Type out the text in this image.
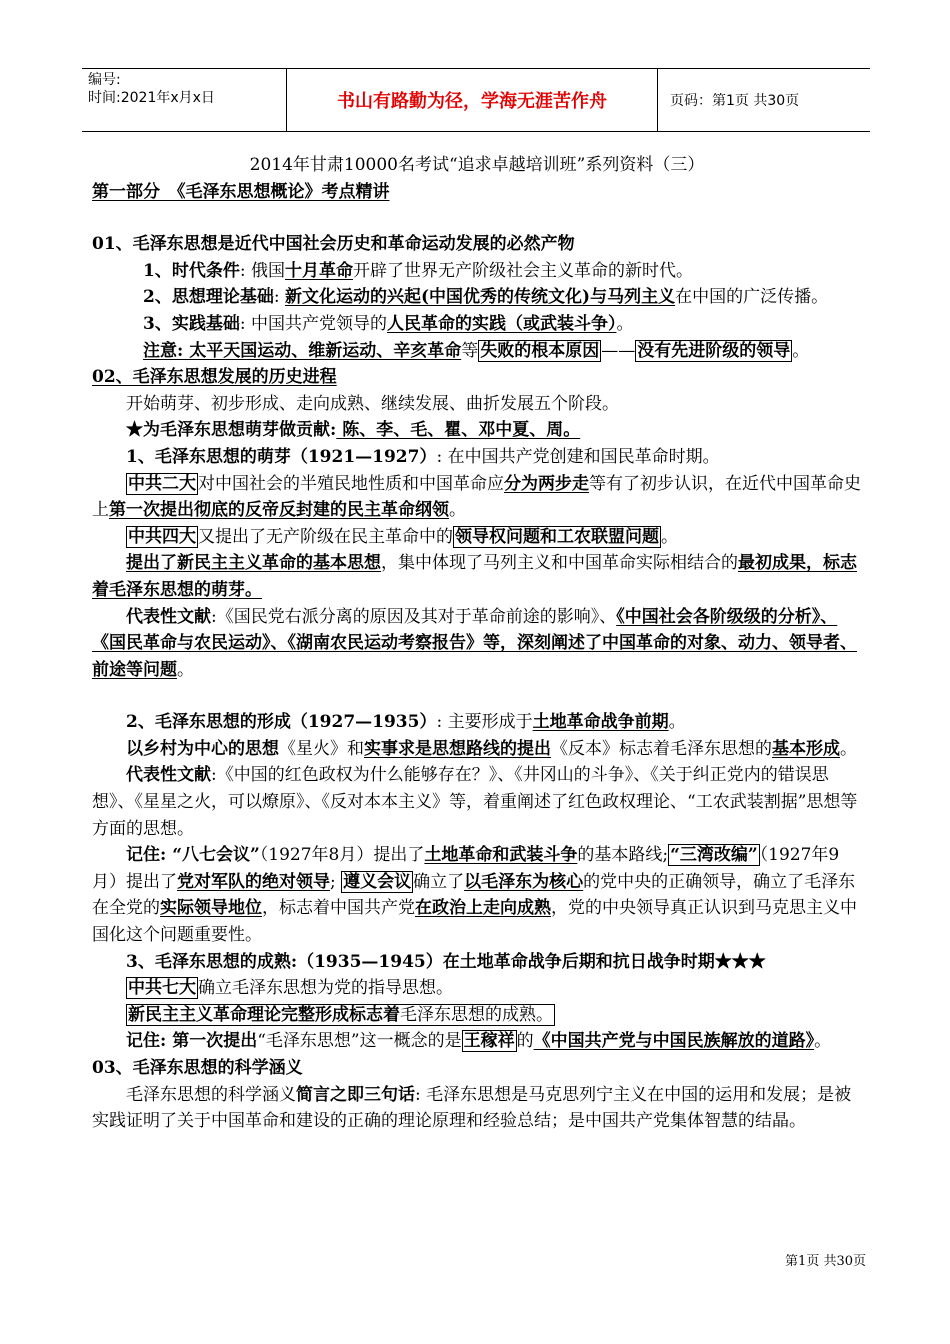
编号:
时间:2021年x月x日	书山有路勤为径，学海无涯苦作舟	页码：第1页 共30页

2014年甘肃10000名考试“追求卓越培训班”系列资料（三）

第一部分　《毛泽东思想概论》考点精讲

01、毛泽东思想是近代中国社会历史和革命运动发展的必然产物

1、时代条件: 俄国十月革命开辟了世界无产阶级社会主义革命的新时代。

2、思想理论基础: 新文化运动的兴起(中国优秀的传统文化)与马列主义在中国的广泛传播。

3、实践基础: 中国共产党领导的人民革命的实践（或武装斗争）。

注意: 太平天国运动、维新运动、辛亥革命等 失败的根本原因 —— 没有先进阶级的领导 。

02、毛泽东思想发展的历史进程

开始萌芽、初步形成、走向成熟、继续发展、曲折发展五个阶段。

★为毛泽东思想萌芽做贡献: 陈、李、毛、瞿、邓中夏、周。

1、毛泽东思想的萌芽（1921—1927）: 在中国共产党创建和国民革命时期。

中共二大 对中国社会的半殖民地性质和中国革命应分为两步走等有了初步认识，在近代中国革命史上第一次提出彻底的反帝反封建的民主革命纲领。

中共四大 又提出了无产阶级在民主革命中的 领导权问题和工农联盟问题 。

提出了新民主主义革命的基本思想，集中体现了马列主义和中国革命实际相结合的最初成果，标志着毛泽东思想的萌芽。

代表性文献:《国民党右派分离的原因及其对于革命前途的影响》、《中国社会各阶级级的分析》、《国民革命与农民运动》、《湖南农民运动考察报告》等，深刻阐述了中国革命的对象、动力、领导者、前途等问题。

2、毛泽东思想的形成（1927—1935）: 主要形成于土地革命战争前期。

以乡村为中心的思想《星火》和实事求是思想路线的提出《反本》标志着毛泽东思想的基本形成。

代表性文献:《中国的红色政权为什么能够存在？》、《井冈山的斗争》、《关于纠正党内的错误思想》、《星星之火，可以燎原》、《反对本本主义》等，着重阐述了红色政权理论、“工农武装割据”思想等方面的思想。

记住: “八七会议”（1927年8月）提出了土地革命和武装斗争的基本路线; “三湾改编” （1927年9月）提出了党对军队的绝对领导; 遵义会议 确立了以毛泽东为核心的党中央的正确领导，确立了毛泽东在全党的实际领导地位，标志着中国共产党在政治上走向成熟，党的中央领导真正认识到马克思主义中国化这个问题重要性。

3、毛泽东思想的成熟:（1935—1945）在土地革命战争后期和抗日战争时期★★★

中共七大 确立毛泽东思想为党的指导思想。

新民主主义革命理论完整形成标志着毛泽东思想的成熟。

记住: 第一次提出“毛泽东思想”这一概念的是 王稼祥 的《中国共产党与中国民族解放的道路》。

03、毛泽东思想的科学涵义

毛泽东思想的科学涵义简言之即三句话: 毛泽东思想是马克思列宁主义在中国的运用和发展；是被实践证明了关于中国革命和建设的正确的理论原理和经验总结；是中国共产党集体智慧的结晶。

第1页 共30页
